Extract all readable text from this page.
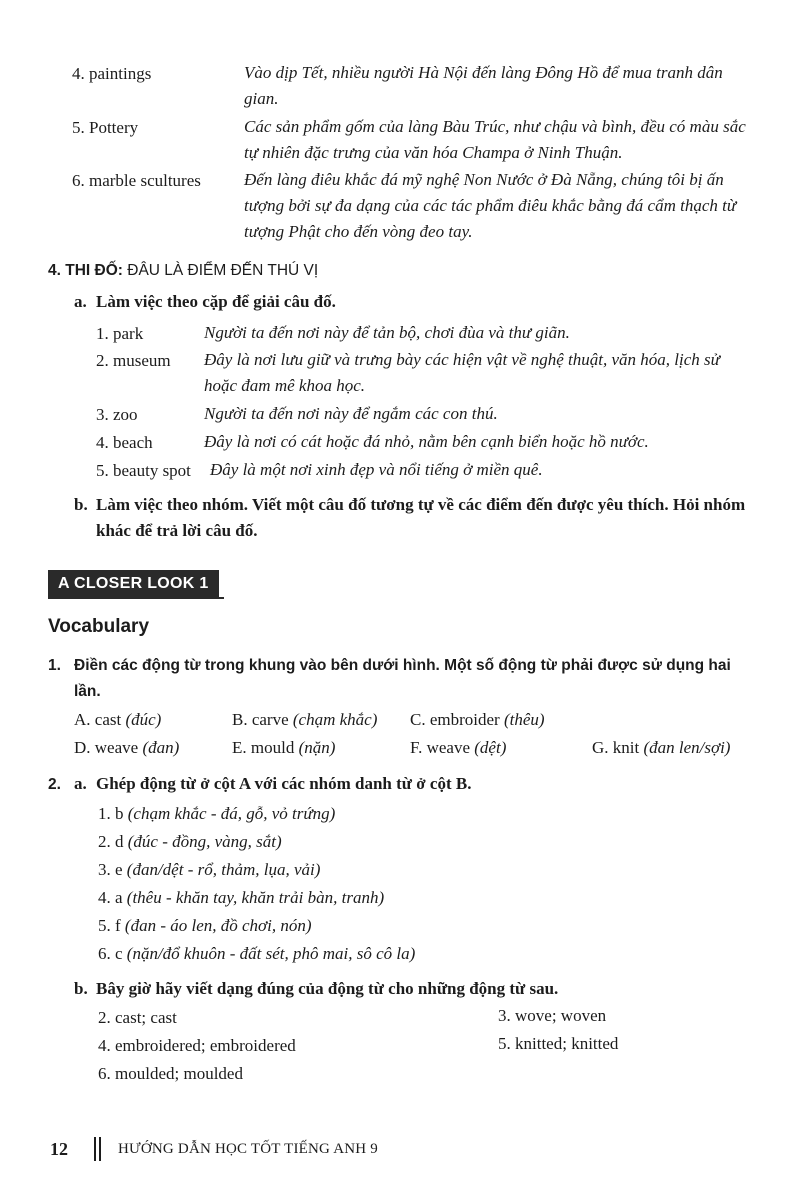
4. paintings	Vào dịp Tết, nhiều người Hà Nội đến làng Đông Hồ để mua tranh dân gian.
5. Pottery	Các sản phẩm gốm của làng Bàu Trúc, như chậu và bình, đều có màu sắc tự nhiên đặc trưng của văn hóa Champa ở Ninh Thuận.
6. marble scultures	Đến làng điêu khắc đá mỹ nghệ Non Nước ở Đà Nẵng, chúng tôi bị ấn tượng bởi sự đa dạng của các tác phẩm điêu khắc bằng đá cẩm thạch từ tượng Phật cho đến vòng đeo tay.
4. THI ĐỐ: ĐÂU LÀ ĐIỂM ĐẾN THÚ VỊ
a. Làm việc theo cặp để giải câu đố.
1. park	Người ta đến nơi này để tản bộ, chơi đùa và thư giãn.
2. museum Đây là nơi lưu giữ và trưng bày các hiện vật về nghệ thuật, văn hóa, lịch sử hoặc đam mê khoa học.
3. zoo	Người ta đến nơi này để ngắm các con thú.
4. beach	Đây là nơi có cát hoặc đá nhỏ, nằm bên cạnh biển hoặc hồ nước.
5. beauty spot Đây là một nơi xinh đẹp và nổi tiếng ở miền quê.
b. Làm việc theo nhóm. Viết một câu đố tương tự về các điểm đến được yêu thích. Hỏi nhóm khác để trả lời câu đố.
A CLOSER LOOK 1
Vocabulary
1. Điền các động từ trong khung vào bên dưới hình. Một số động từ phải được sử dụng hai lần.
A. cast (đúc)	B. carve (chạm khắc) C. embroider (thêu)
D. weave (đan)	E. mould (nặn)	F. weave (dệt)	G. knit (đan len/sợi)
2. a. Ghép động từ ở cột A với các nhóm danh từ ở cột B.
1. b (chạm khắc - đá, gỗ, vỏ trứng)
2. d (đúc - đồng, vàng, sắt)
3. e (đan/dệt - rổ, thảm, lụa, vải)
4. a (thêu - khăn tay, khăn trải bàn, tranh)
5. f (đan - áo len, đồ chơi, nón)
6. c (nặn/đổ khuôn - đất sét, phô mai, sô cô la)
b. Bây giờ hãy viết dạng đúng của động từ cho những động từ sau.
2. cast; cast	3. wove; woven
4. embroidered; embroidered	5. knitted; knitted
6. moulded; moulded
12	HƯỚNG DẪN HỌC TỐT TIẾNG ANH 9
